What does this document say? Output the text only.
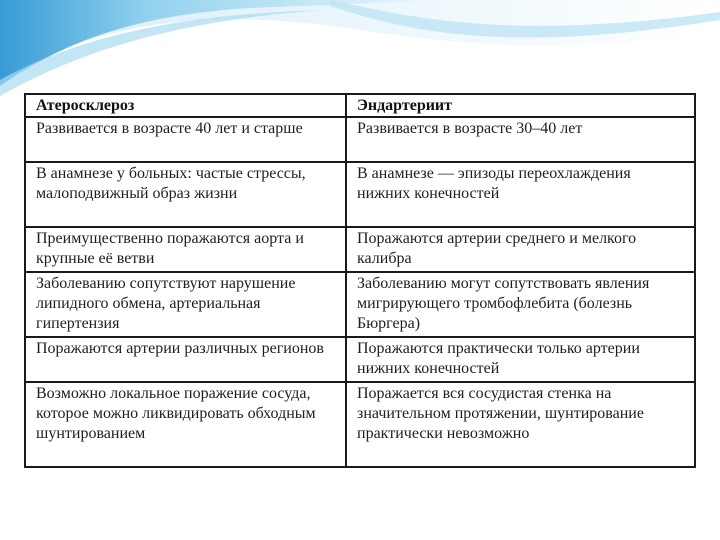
Атеросклероз	Эндартериит

Развивается в возрасте 40 лет и старше	Развивается в возрасте 30–40 лет

В анамнезе у больных: частые стрессы, малоподвижный образ жизни	В анамнезе — эпизоды переохлаждения нижних конечностей

Преимущественно поражаются аорта и крупные её ветви	Поражаются артерии среднего и мелкого калибра

Заболеванию сопутствуют нарушение липидного обмена, артериальная гипертензия	Заболеванию могут сопутствовать явления мигрирующего тромбофлебита (болезнь Бюргера)

Поражаются артерии различных регионов	Поражаются практически только артерии нижних конечностей

Возможно локальное поражение сосуда, которое можно ликвидировать обходным шунтированием	Поражается вся сосудистая стенка на значительном протяжении, шунтирование практически невозможно
